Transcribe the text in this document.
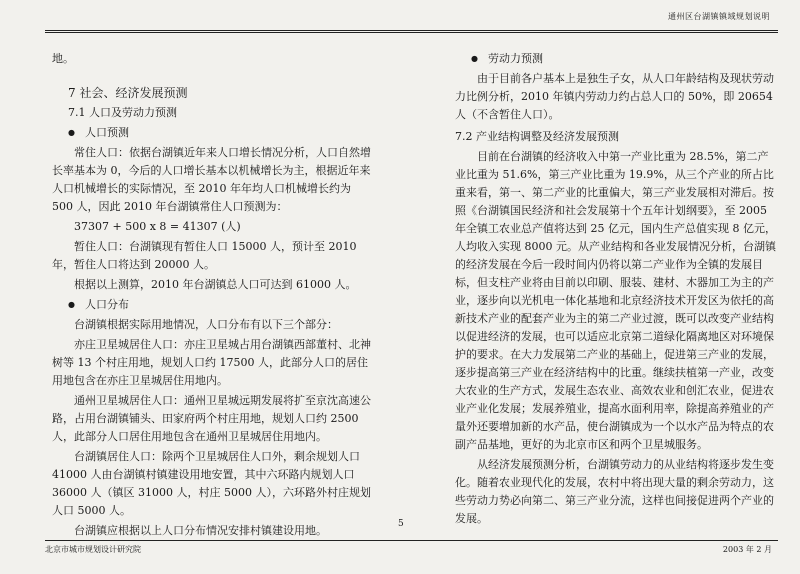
通州区台湖镇镇域规划说明

地。

7 社会、经济发展预测

7.1 人口及劳动力预测

● 人口预测

常住人口：依据台湖镇近年来人口增长情况分析，人口自然增长率基本为 0，今后的人口增长基本以机械增长为主，根据近年来人口机械增长的实际情况，至 2010 年年均人口机械增长约为 500 人，因此 2010 年台湖镇常住人口预测为：

37307 + 500 x 8 = 41307 (人)

暂住人口：台湖镇现有暂住人口 15000 人，预计至 2010 年，暂住人口将达到 20000 人。

根据以上测算，2010 年台湖镇总人口可达到 61000 人。

● 人口分布

台湖镇根据实际用地情况，人口分布有以下三个部分：

亦庄卫星城居住人口：亦庄卫星城占用台湖镇西部董村、北神树等 13 个村庄用地，规划人口约 17500 人，此部分人口的居住用地包含在亦庄卫星城居住用地内。

通州卫星城居住人口：通州卫星城远期发展将扩至京沈高速公路，占用台湖镇铺头、田家府两个村庄用地，规划人口约 2500 人，此部分人口居住用地包含在通州卫星城居住用地内。

台湖镇居住人口：除两个卫星城居住人口外，剩余规划人口 41000 人由台湖镇村镇建设用地安置，其中六环路内规划人口 36000 人（镇区 31000 人，村庄 5000 人），六环路外村庄规划人口 5000 人。

台湖镇应根据以上人口分布情况安排村镇建设用地。

● 劳动力预测

由于目前各户基本上是独生子女，从人口年龄结构及现状劳动力比例分析，2010 年镇内劳动力约占总人口的 50%，即 20654 人（不含暂住人口）。

7.2 产业结构调整及经济发展预测

目前在台湖镇的经济收入中第一产业比重为 28.5%，第二产业比重为 51.6%，第三产业比重为 19.9%，从三个产业的所占比重来看，第一、第二产业的比重偏大，第三产业发展相对滞后。按照《台湖镇国民经济和社会发展第十个五年计划纲要》，至 2005 年全镇工农业总产值将达到 25 亿元，国内生产总值实现 8 亿元，人均收入实现 8000 元。从产业结构和各业发展情况分析，台湖镇的经济发展在今后一段时间内仍将以第二产业作为全镇的发展目标，但支柱产业将由目前以印刷、服装、建材、木器加工为主的产业，逐步向以光机电一体化基地和北京经济技术开发区为依托的高新技术产业的配套产业为主的第二产业过渡，既可以改变产业结构以促进经济的发展，也可以适应北京第二道绿化隔离地区对环境保护的要求。在大力发展第二产业的基础上，促进第三产业的发展，逐步提高第三产业在经济结构中的比重。继续扶植第一产业，改变大农业的生产方式，发展生态农业、高效农业和创汇农业，促进农业产业化发展；发展养殖业，提高水面利用率，除提高养殖业的产量外还要增加新的水产品，使台湖镇成为一个以水产品为特点的农副产品基地，更好的为北京市区和两个卫星城服务。

从经济发展预测分析，台湖镇劳动力的从业结构将逐步发生变化。随着农业现代化的发展，农村中将出现大量的剩余劳动力，这些劳动力势必向第二、第三产业分流，这样也间接促进两个产业的发展。

5
北京市城市规划设计研究院	2003 年 2 月
